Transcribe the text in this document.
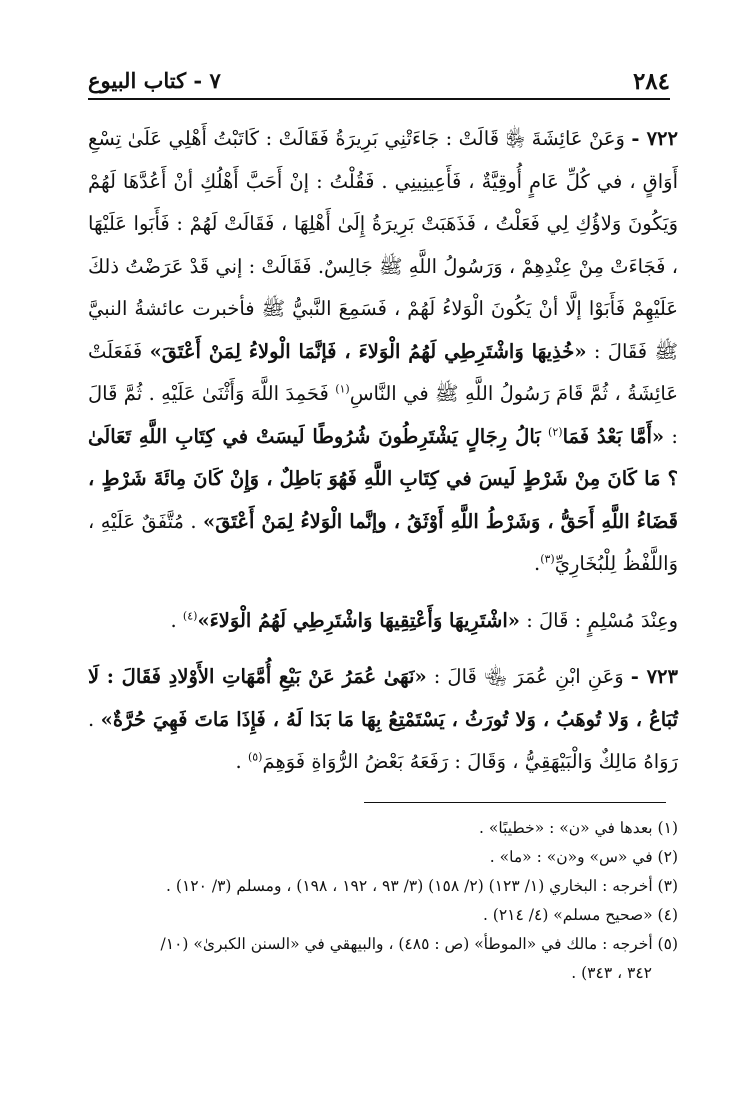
٢٨٤
٧ - كتاب البيوع

٧٢٢ - وَعَنْ عَائِشَةَ ﵂ قَالَتْ : جَاءَتْنِي بَرِيرَةُ فَقَالَتْ : كَاتَبْتُ أَهْلِي عَلَىٰ تِسْعِ أَوَاقٍ ، في كُلِّ عَامٍ أُوقِيَّةٌ ، فَأَعِينِينِي . فَقُلْتُ : إنْ أَحَبَّ أَهْلُكِ أنْ أَعُدَّهَا لَهُمْ وَيَكُونَ وَلاؤُكِ لِي فَعَلْتُ ، فَذَهَبَتْ بَرِيرَةُ إِلَىٰ أَهْلِهَا ، فَقَالَتْ لَهُمْ : فَأَبَوا عَلَيْهَا ، فَجَاءَتْ مِنْ عِنْدِهِمْ ، وَرَسُولُ اللَّهِ ﷺ جَالِسٌ. فَقَالَتْ : إني قَدْ عَرَضْتُ ذلكَ عَلَيْهِمْ فَأَبَوْا إلَّا أنْ يَكُونَ الْوَلاءُ لَهُمْ ، فَسَمِعَ النَّبيُّ ﷺ فأخبرت عائشةُ النبيَّ ﷺ فَقَالَ : «خُذِيهَا وَاشْتَرِطِي لَهُمُ الْوَلاءَ ، فَإنَّمَا الْولاءُ لِمَنْ أَعْتَقَ» فَفَعَلَتْ عَائِشَةُ ، ثُمَّ قَامَ رَسُولُ اللَّهِ ﷺ في النَّاسِ$^{(١)}$ فَحَمِدَ اللَّهَ وَأَثْنَىٰ عَلَيْهِ . ثُمَّ قَالَ : «أَمَّا بَعْدُ فَمَا$^{(٢)}$ بَالُ رِجَالٍ يَشْتَرِطُونَ شُرُوطًا لَيسَتْ في كِتَابِ اللَّهِ تَعَالَىٰ ؟ مَا كَانَ مِنْ شَرْطٍ لَيسَ في كِتَابِ اللَّهِ فَهُوَ بَاطِلٌ ، وَإِنْ كَانَ مِائَةَ شَرْطٍ ، قَضَاءُ اللَّهِ أَحَقُّ ، وَشَرْطُ اللَّهِ أَوْثَقُ ، وإنَّما الْوَلاءُ لِمَنْ أَعْتَقَ» . مُتَّفَقٌ عَلَيْهِ ، وَاللَّفْظُ لِلْبُخَارِيِّ$^{(٣)}$.

وعِنْدَ مُسْلِمٍ : قَالَ : «اشْتَرِيهَا وَأَعْتِقِيهَا وَاشْتَرِطِي لَهُمُ الْوَلاءَ»$^{(٤)}$ .

٧٢٣ - وَعَنِ ابْنِ عُمَرَ ﵄ قَالَ : «نَهَىٰ عُمَرُ عَنْ بَيْعِ أُمَّهَاتِ الأَوْلادِ فَقَالَ : لَا تُبَاعُ ، وَلا تُوهَبُ ، وَلا تُورَثُ ، يَسْتَمْتِعُ بِهَا مَا بَدَا لَهُ ، فَإِذَا مَاتَ فَهِيَ حُرَّةٌ» . رَوَاهُ مَالِكٌ وَالْبَيْهَقِيُّ ، وَقَالَ : رَفَعَهُ بَعْضُ الرُّوَاةِ فَوَهِمَ$^{(٥)}$ .

(١) بعدها في «ن» : «خطيبًا» .

(٢) في «س» و«ن» : «ما» .

(٣) أخرجه : البخاري (١/ ١٢٣) (٢/ ١٥٨) (٣/ ٩٣ ، ١٩٢ ، ١٩٨) ، ومسلم (٣/ ١٢٠) .

(٤) «صحيح مسلم» (٤/ ٢١٤) .

(٥) أخرجه : مالك في «الموطأ» (ص : ٤٨٥) ، والبيهقي في «السنن الكبرىٰ» (١٠/
٣٤٢ ، ٣٤٣) .
